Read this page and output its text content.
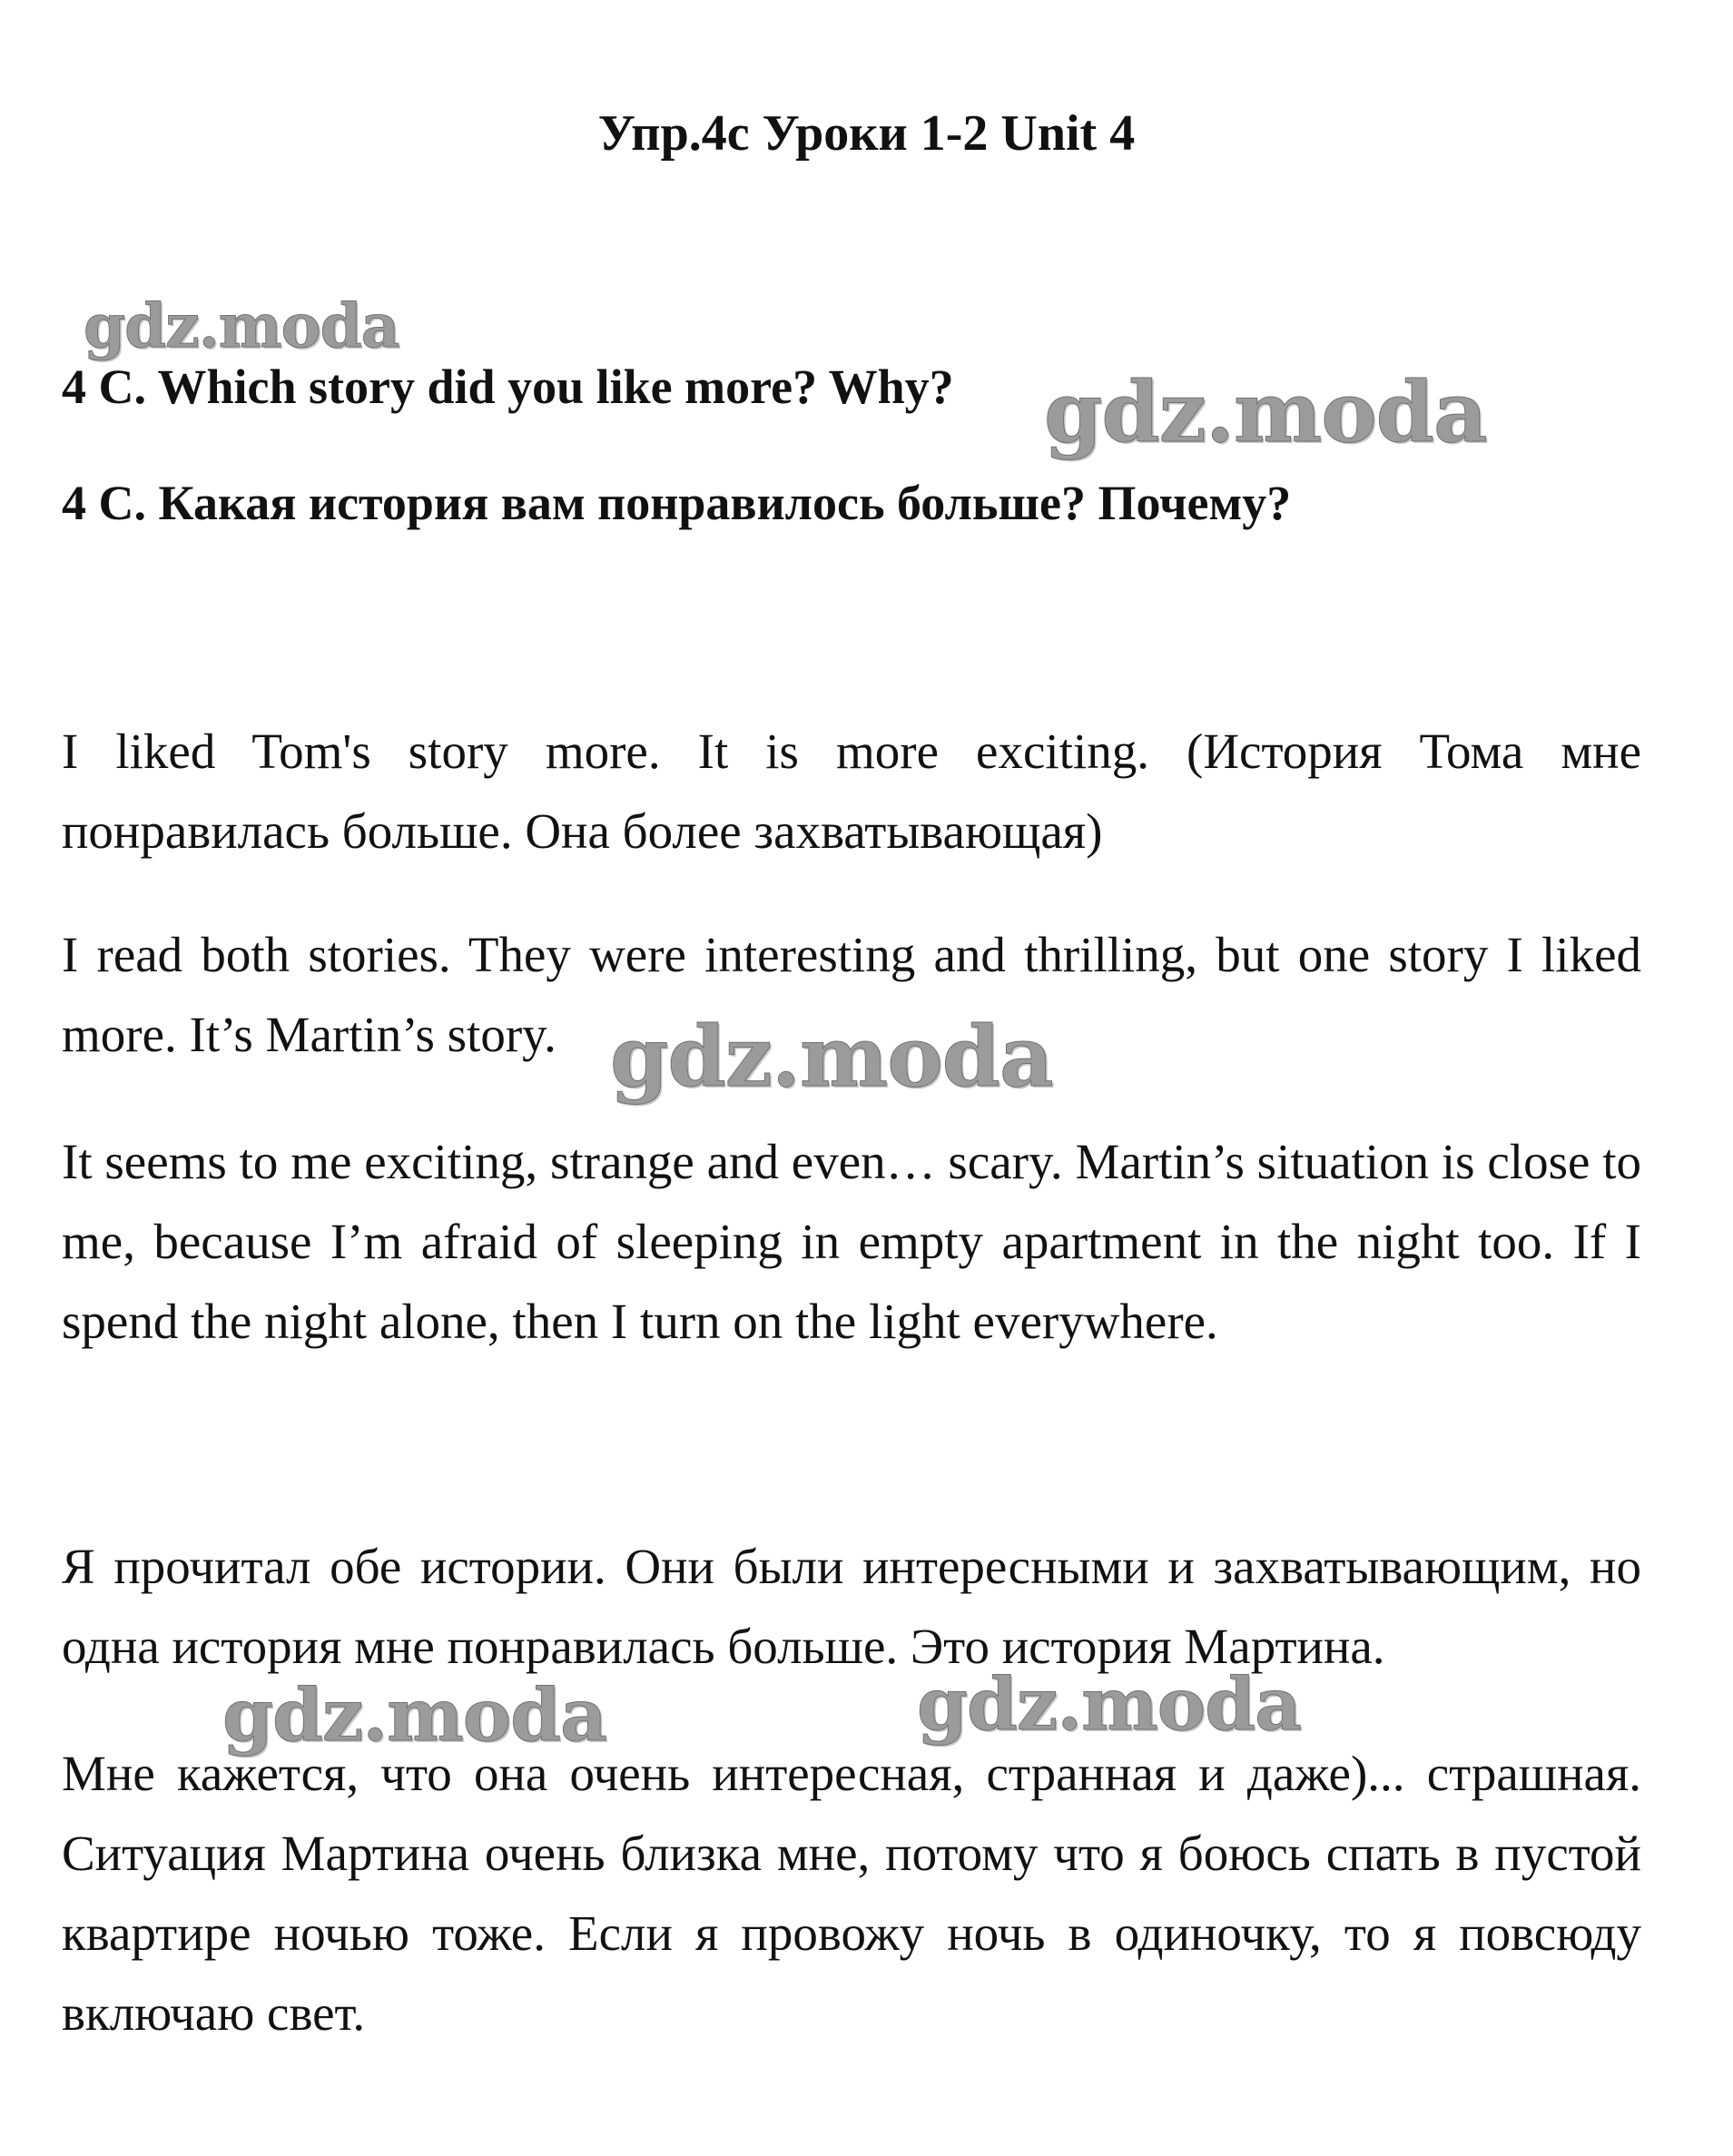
Упр.4с Уроки 1-2 Unit 4
gdz.moda

4 C. Which story did you like more? Why?	gdz.moda

4 C. Какая история вам понравилось больше? Почему?

I liked Tom's story more. It is more exciting. (История Тома мне понравилась больше. Она более захватывающая)

I read both stories. They were interesting and thrilling, but one story I liked more. It’s Martin’s story. gdz.moda

It seems to me exciting, strange and even… scary. Martin’s situation is close to me, because I’m afraid of sleeping in empty apartment in the night too. If I spend the night alone, then I turn on the light everywhere.

Я прочитал обе истории. Они были интересными и захватывающим, но одна история мне понравилась больше. Это история Мартина.

gdz.moda	gdz.moda

Мне кажется, что она очень интересная, странная и даже)... страшная. Ситуация Мартина очень близка мне, потому что я боюсь спать в пустой квартире ночью тоже. Если я провожу ночь в одиночку, то я повсюду включаю свет.
